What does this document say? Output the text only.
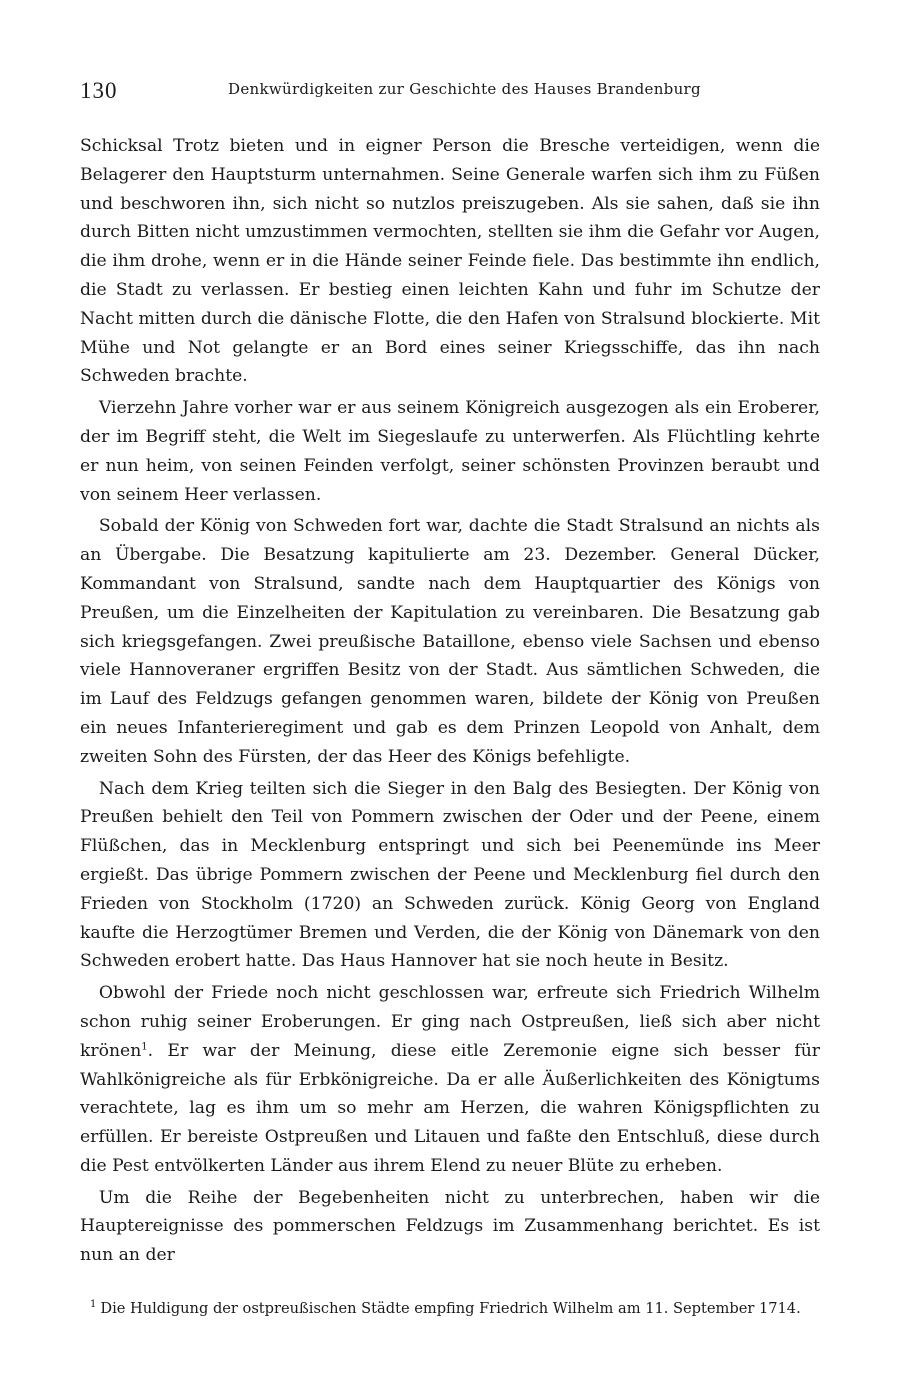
130	Denkwürdigkeiten zur Geschichte des Hauses Brandenburg

Schicksal Trotz bieten und in eigner Person die Bresche verteidigen, wenn die Belagerer den Hauptsturm unternahmen. Seine Generale warfen sich ihm zu Füßen und beschworen ihn, sich nicht so nutzlos preiszugeben. Als sie sahen, daß sie ihn durch Bitten nicht umzustimmen vermochten, stellten sie ihm die Gefahr vor Augen, die ihm drohe, wenn er in die Hände seiner Feinde fiele. Das bestimmte ihn endlich, die Stadt zu verlassen. Er bestieg einen leichten Kahn und fuhr im Schutze der Nacht mitten durch die dänische Flotte, die den Hafen von Stralsund blockierte. Mit Mühe und Not gelangte er an Bord eines seiner Kriegsschiffe, das ihn nach Schweden brachte.

Vierzehn Jahre vorher war er aus seinem Königreich ausgezogen als ein Eroberer, der im Begriff steht, die Welt im Siegeslaufe zu unterwerfen. Als Flüchtling kehrte er nun heim, von seinen Feinden verfolgt, seiner schönsten Provinzen beraubt und von seinem Heer verlassen.

Sobald der König von Schweden fort war, dachte die Stadt Stralsund an nichts als an Übergabe. Die Besatzung kapitulierte am 23. Dezember. General Dücker, Kommandant von Stralsund, sandte nach dem Hauptquartier des Königs von Preußen, um die Einzelheiten der Kapitulation zu vereinbaren. Die Besatzung gab sich kriegsgefangen. Zwei preußische Bataillone, ebenso viele Sachsen und ebenso viele Hannoveraner ergriffen Besitz von der Stadt. Aus sämtlichen Schweden, die im Lauf des Feldzugs gefangen genommen waren, bildete der König von Preußen ein neues Infanterieregiment und gab es dem Prinzen Leopold von Anhalt, dem zweiten Sohn des Fürsten, der das Heer des Königs befehligte.

Nach dem Krieg teilten sich die Sieger in den Balg des Besiegten. Der König von Preußen behielt den Teil von Pommern zwischen der Oder und der Peene, einem Flüßchen, das in Mecklenburg entspringt und sich bei Peenemünde ins Meer ergießt. Das übrige Pommern zwischen der Peene und Mecklenburg fiel durch den Frieden von Stockholm (1720) an Schweden zurück. König Georg von England kaufte die Herzogtümer Bremen und Verden, die der König von Dänemark von den Schweden erobert hatte. Das Haus Hannover hat sie noch heute in Besitz.

Obwohl der Friede noch nicht geschlossen war, erfreute sich Friedrich Wilhelm schon ruhig seiner Eroberungen. Er ging nach Ostpreußen, ließ sich aber nicht krönen$^1$. Er war der Meinung, diese eitle Zeremonie eigne sich besser für Wahlkönigreiche als für Erbkönigreiche. Da er alle Äußerlichkeiten des Königtums verachtete, lag es ihm um so mehr am Herzen, die wahren Königspflichten zu erfüllen. Er bereiste Ostpreußen und Litauen und faßte den Entschluß, diese durch die Pest entvölkerten Länder aus ihrem Elend zu neuer Blüte zu erheben.

Um die Reihe der Begebenheiten nicht zu unterbrechen, haben wir die Hauptereignisse des pommerschen Feldzugs im Zusammenhang berichtet. Es ist nun an der

$^1$ Die Huldigung der ostpreußischen Städte empfing Friedrich Wilhelm am 11. September 1714.
